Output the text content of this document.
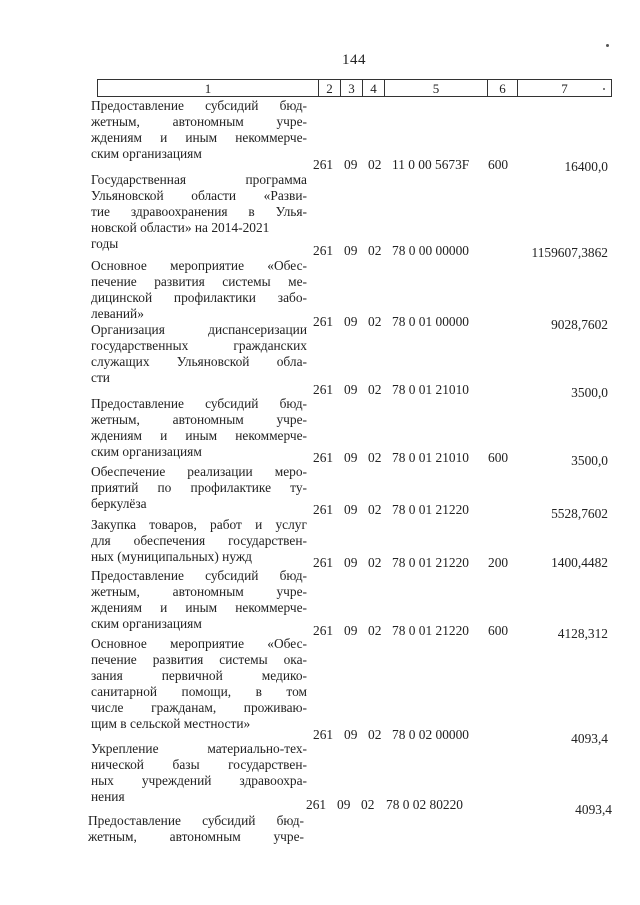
144
1	2	3	4	5	6	7
Предоставление субсидий бюд-
жетным, автономным учре-
ждениям и иным некоммерче-
ским организациям
261 09 02 11 0 00 5673F 600	16400,0
Государственная программа
Ульяновской области «Разви-
тие здравоохранения в Улья-
новской области» на 2014-2021
годы	261 09 02 78 0 00 00000	1159607,3862
Основное мероприятие «Обес-
печение развития системы ме-
дицинской профилактики забо-
леваний»
261 09 02 78 0 01 00000	9028,7602
Организация диспансеризации
государственных гражданских
служащих Ульяновской обла-
сти
261 09 02 78 0 01 21010	3500,0
Предоставление субсидий бюд-
жетным, автономным учре-
ждениям и иным некоммерче-
ским организациям	261 09 02 78 0 01 21010 600	3500,0
Обеспечение реализации меро-
приятий по профилактике ту-
беркулёза	261 09 02 78 0 01 21220	5528,7602
Закупка товаров, работ и услуг
для обеспечения государствен-
ных (муниципальных) нужд	261 09 02 78 0 01 21220 200	1400,4482
Предоставление субсидий бюд-
жетным, автономным учре-
ждениям и иным некоммерче-
ским организациям	261 09 02 78 0 01 21220 600	4128,312
Основное мероприятие «Обес-
печение развития системы ока-
зания первичной медико-
санитарной помощи, в том
числе гражданам, проживаю-
щим в сельской местности»
261 09 02 78 0 02 00000	4093,4
Укрепление материально-тех-
нической базы государствен-
ных учреждений здравоохра-
нения
261 09 02 78 0 02 80220	4093,4
Предоставление субсидий бюд-
жетным, автономным учре-
